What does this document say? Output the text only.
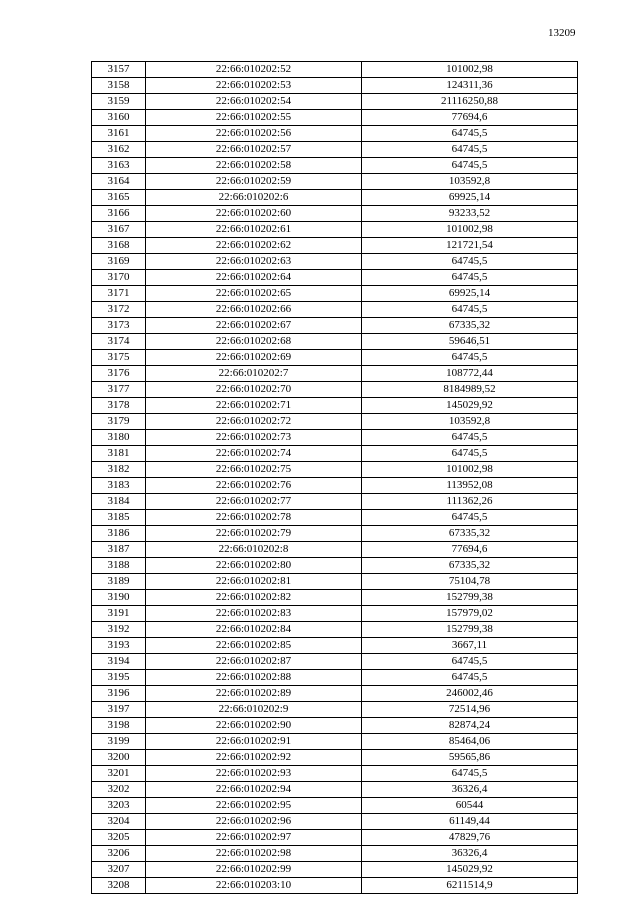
13209
3157	22:66:010202:52	101002,98
3158	22:66:010202:53	124311,36
3159	22:66:010202:54	21116250,88
3160	22:66:010202:55	77694,6
3161	22:66:010202:56	64745,5
3162	22:66:010202:57	64745,5
3163	22:66:010202:58	64745,5
3164	22:66:010202:59	103592,8
3165	22:66:010202:6	69925,14
3166	22:66:010202:60	93233,52
3167	22:66:010202:61	101002,98
3168	22:66:010202:62	121721,54
3169	22:66:010202:63	64745,5
3170	22:66:010202:64	64745,5
3171	22:66:010202:65	69925,14
3172	22:66:010202:66	64745,5
3173	22:66:010202:67	67335,32
3174	22:66:010202:68	59646,51
3175	22:66:010202:69	64745,5
3176	22:66:010202:7	108772,44
3177	22:66:010202:70	8184989,52
3178	22:66:010202:71	145029,92
3179	22:66:010202:72	103592,8
3180	22:66:010202:73	64745,5
3181	22:66:010202:74	64745,5
3182	22:66:010202:75	101002,98
3183	22:66:010202:76	113952,08
3184	22:66:010202:77	111362,26
3185	22:66:010202:78	64745,5
3186	22:66:010202:79	67335,32
3187	22:66:010202:8	77694,6
3188	22:66:010202:80	67335,32
3189	22:66:010202:81	75104,78
3190	22:66:010202:82	152799,38
3191	22:66:010202:83	157979,02
3192	22:66:010202:84	152799,38
3193	22:66:010202:85	3667,11
3194	22:66:010202:87	64745,5
3195	22:66:010202:88	64745,5
3196	22:66:010202:89	246002,46
3197	22:66:010202:9	72514,96
3198	22:66:010202:90	82874,24
3199	22:66:010202:91	85464,06
3200	22:66:010202:92	59565,86
3201	22:66:010202:93	64745,5
3202	22:66:010202:94	36326,4
3203	22:66:010202:95	60544
3204	22:66:010202:96	61149,44
3205	22:66:010202:97	47829,76
3206	22:66:010202:98	36326,4
3207	22:66:010202:99	145029,92
3208	22:66:010203:10	6211514,9
